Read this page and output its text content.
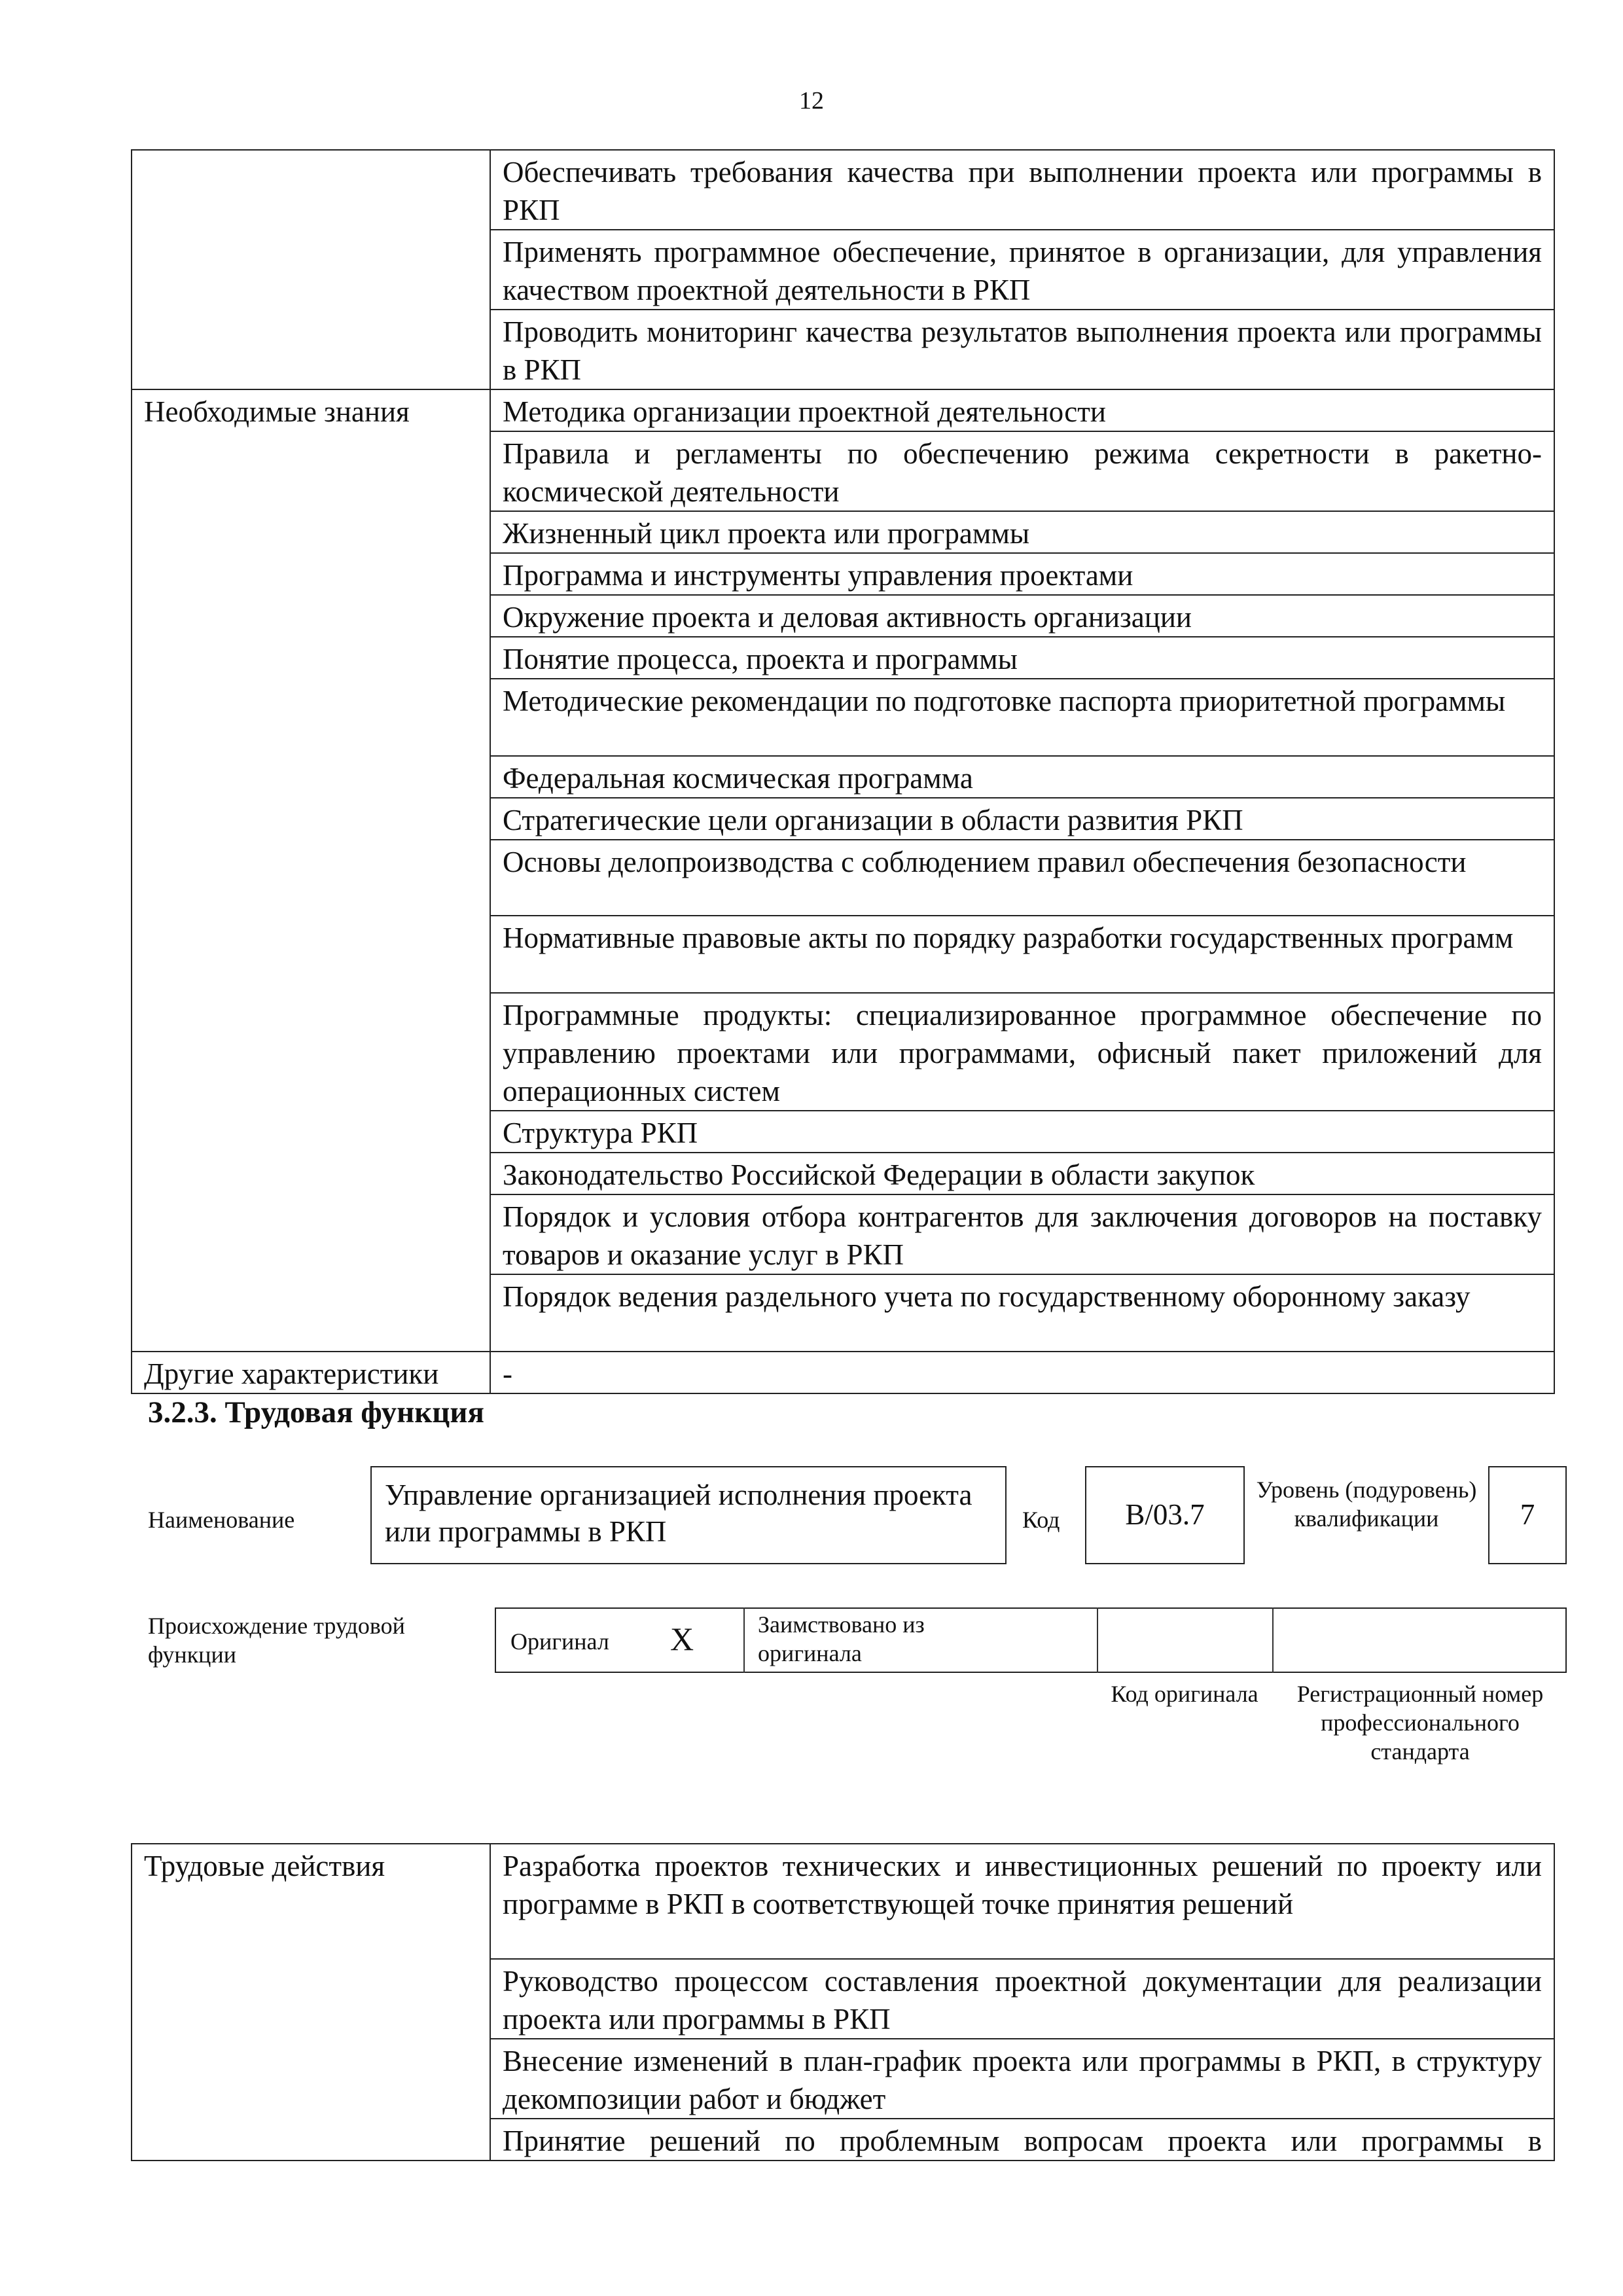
12
	Обеспечивать требования качества при выполнении проекта или программы в РКП
	Применять программное обеспечение, принятое в организации, для управления качеством проектной деятельности в РКП
	Проводить мониторинг качества результатов выполнения проекта или программы в РКП
Необходимые знания	Методика организации проектной деятельности
	Правила и регламенты по обеспечению режима секретности в ракетно-космической деятельности
	Жизненный цикл проекта или программы
	Программа и инструменты управления проектами
	Окружение проекта и деловая активность организации
	Понятие процесса, проекта и программы
	Методические рекомендации по подготовке паспорта приоритетной программы
	Федеральная космическая программа
	Стратегические цели организации в области развития РКП
	Основы делопроизводства с соблюдением правил обеспечения безопасности
	Нормативные правовые акты по порядку разработки государственных программ
	Программные продукты: специализированное программное обеспечение по управлению проектами или программами, офисный пакет приложений для операционных систем
	Структура РКП
	Законодательство Российской Федерации в области закупок
	Порядок и условия отбора контрагентов для заключения договоров на поставку товаров и оказание услуг в РКП
	Порядок ведения раздельного учета по государственному оборонному заказу
Другие характеристики	-
3.2.3. Трудовая функция
Наименование
Управление организацией исполнения проекта или программы в РКП	Код	B/03.7
Уровень (подуровень) квалификации	7
Происхождение трудовой функции	Оригинал X	Заимствовано из оригинала
Код оригинала	Регистрационный номер профессионального стандарта
Трудовые действия	Разработка проектов технических и инвестиционных решений по проекту или программе в РКП в соответствующей точке принятия решений
Руководство процессом составления проектной документации для реализации проекта или программы в РКП
Внесение изменений в план-график проекта или программы в РКП, в структуру декомпозиции работ и бюджет
Принятие решений по проблемным вопросам проекта или программы в
